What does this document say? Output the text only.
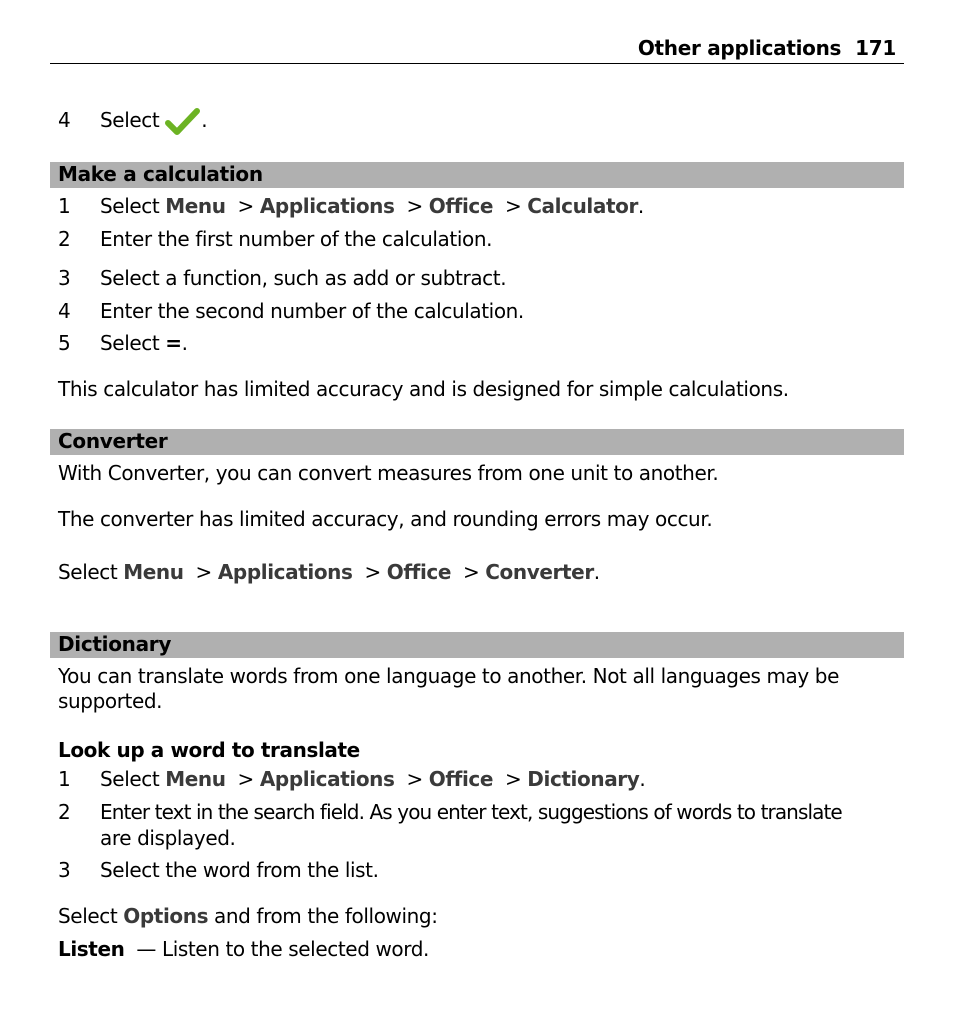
Other applications 171
4 Select .
Make a calculation
1 Select Menu  > Applications  > Office  > Calculator.
2 Enter the first number of the calculation.
3 Select a function, such as add or subtract.
4 Enter the second number of the calculation.
5 Select =.
This calculator has limited accuracy and is designed for simple calculations.
Converter
With Converter, you can convert measures from one unit to another.
The converter has limited accuracy, and rounding errors may occur.
Select Menu  > Applications  > Office  > Converter.
Dictionary
You can translate words from one language to another. Not all languages may be
supported.
Look up a word to translate
1 Select Menu  > Applications  > Office  > Dictionary.
2 Enter text in the search field. As you enter text, suggestions of words to translate
are displayed.
3 Select the word from the list.
Select Options and from the following:
Listen — Listen to the selected word.
